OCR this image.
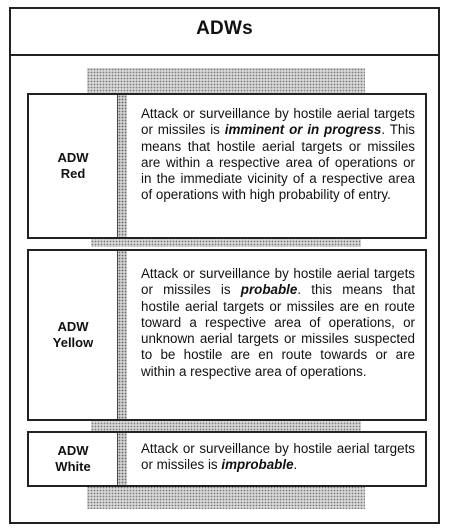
ADWs
ADW
Red
Attack or surveillance by hostile aerial targets or missiles is imminent or in progress. This means that hostile aerial targets or missiles are within a respective area of operations or in the immediate vicinity of a respective area of operations with high probability of entry.
ADW
Yellow
Attack or surveillance by hostile aerial targets or missiles is probable. this means that hostile aerial targets or missiles are en route toward a respective area of operations, or unknown aerial targets or missiles suspected to be hostile are en route towards or are within a respective area of operations.
ADW
White
Attack or surveillance by hostile aerial targets or missiles is improbable.
